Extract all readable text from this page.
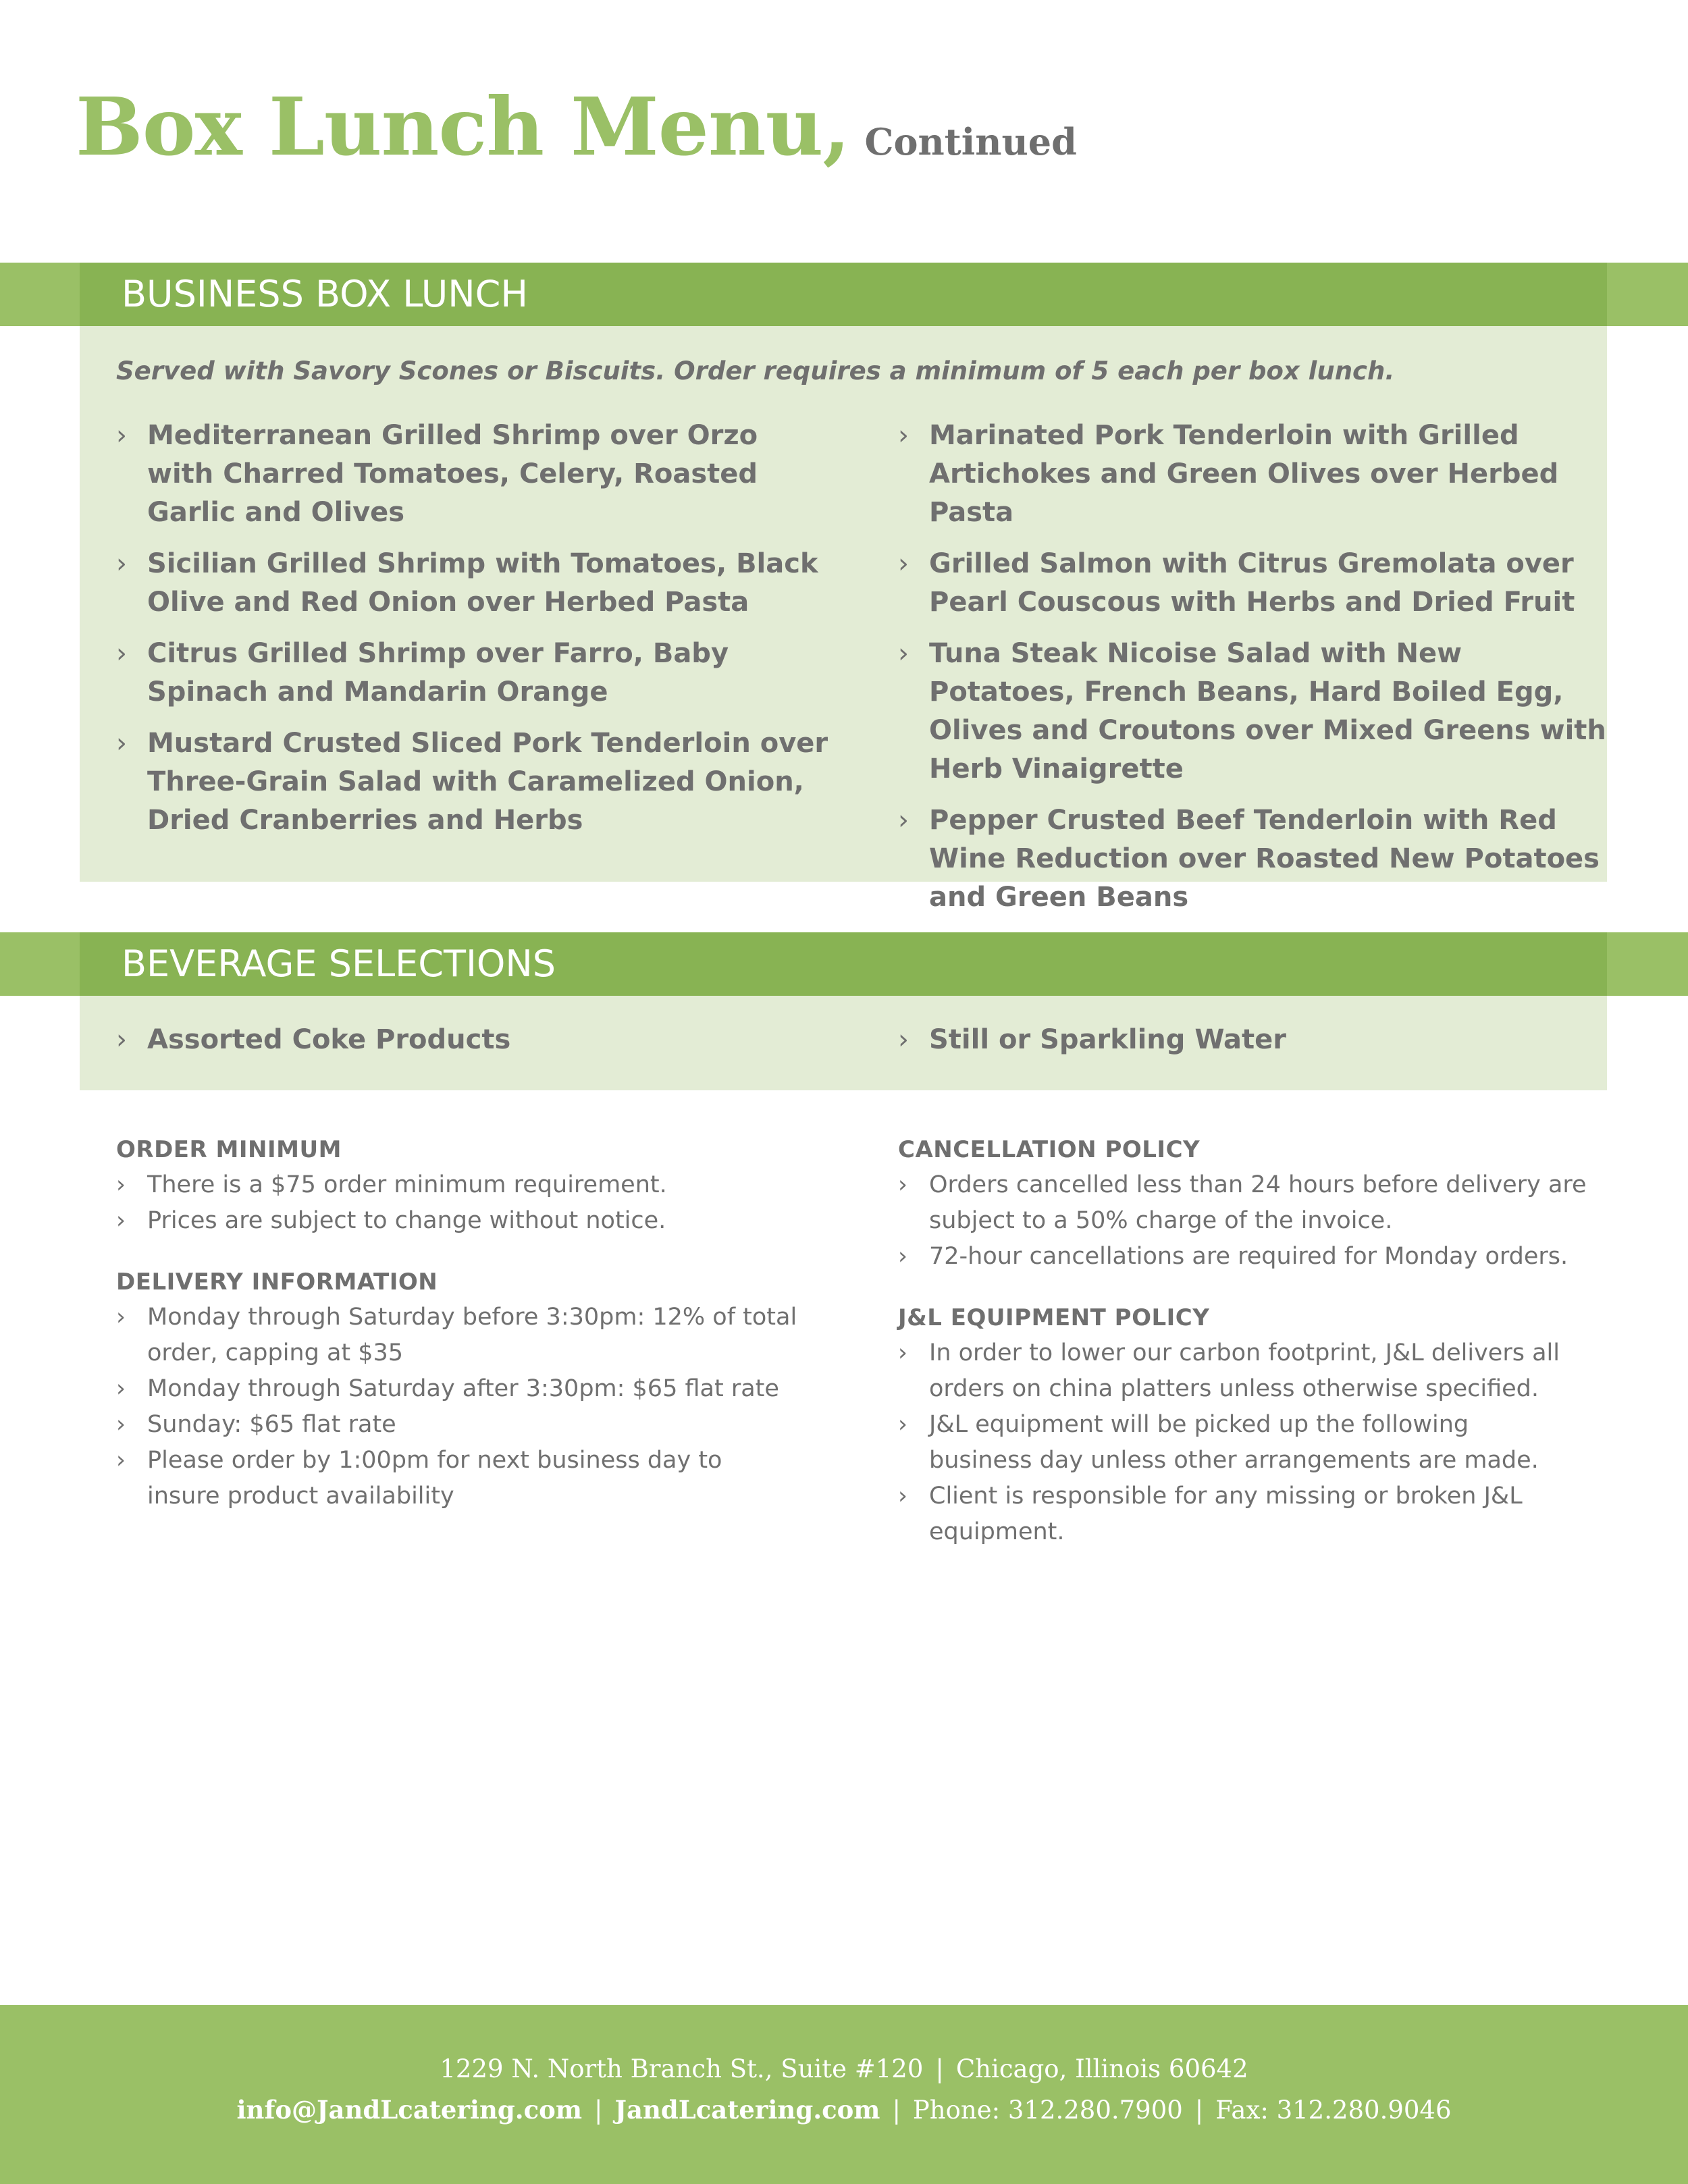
Box Lunch Menu, Continued
BUSINESS BOX LUNCH
Served with Savory Scones or Biscuits. Order requires a minimum of 5 each per box lunch.
› Mediterranean Grilled Shrimp over Orzo with Charred Tomatoes, Celery, Roasted Garlic and Olives
› Sicilian Grilled Shrimp with Tomatoes, Black Olive and Red Onion over Herbed Pasta
› Citrus Grilled Shrimp over Farro, Baby Spinach and Mandarin Orange
› Mustard Crusted Sliced Pork Tenderloin over Three-Grain Salad with Caramelized Onion, Dried Cranberries and Herbs
› Marinated Pork Tenderloin with Grilled Artichokes and Green Olives over Herbed Pasta
› Grilled Salmon with Citrus Gremolata over Pearl Couscous with Herbs and Dried Fruit
› Tuna Steak Nicoise Salad with New Potatoes, French Beans, Hard Boiled Egg, Olives and Croutons over Mixed Greens with Herb Vinaigrette
› Pepper Crusted Beef Tenderloin with Red Wine Reduction over Roasted New Potatoes and Green Beans
BEVERAGE SELECTIONS
› Assorted Coke Products	› Still or Sparkling Water
ORDER MINIMUM
› There is a $75 order minimum requirement.
› Prices are subject to change without notice.
DELIVERY INFORMATION
› Monday through Saturday before 3:30pm: 12% of total order, capping at $35
› Monday through Saturday after 3:30pm: $65 flat rate
› Sunday: $65 flat rate
› Please order by 1:00pm for next business day to insure product availability
CANCELLATION POLICY
› Orders cancelled less than 24 hours before delivery are subject to a 50% charge of the invoice.
› 72-hour cancellations are required for Monday orders.
J&L EQUIPMENT POLICY
› In order to lower our carbon footprint, J&L delivers all orders on china platters unless otherwise specified.
› J&L equipment will be picked up the following business day unless other arrangements are made.
› Client is responsible for any missing or broken J&L equipment.
1229 N. North Branch St., Suite #120 | Chicago, Illinois 60642
info@JandLcatering.com | JandLcatering.com | Phone: 312.280.7900 | Fax: 312.280.9046
